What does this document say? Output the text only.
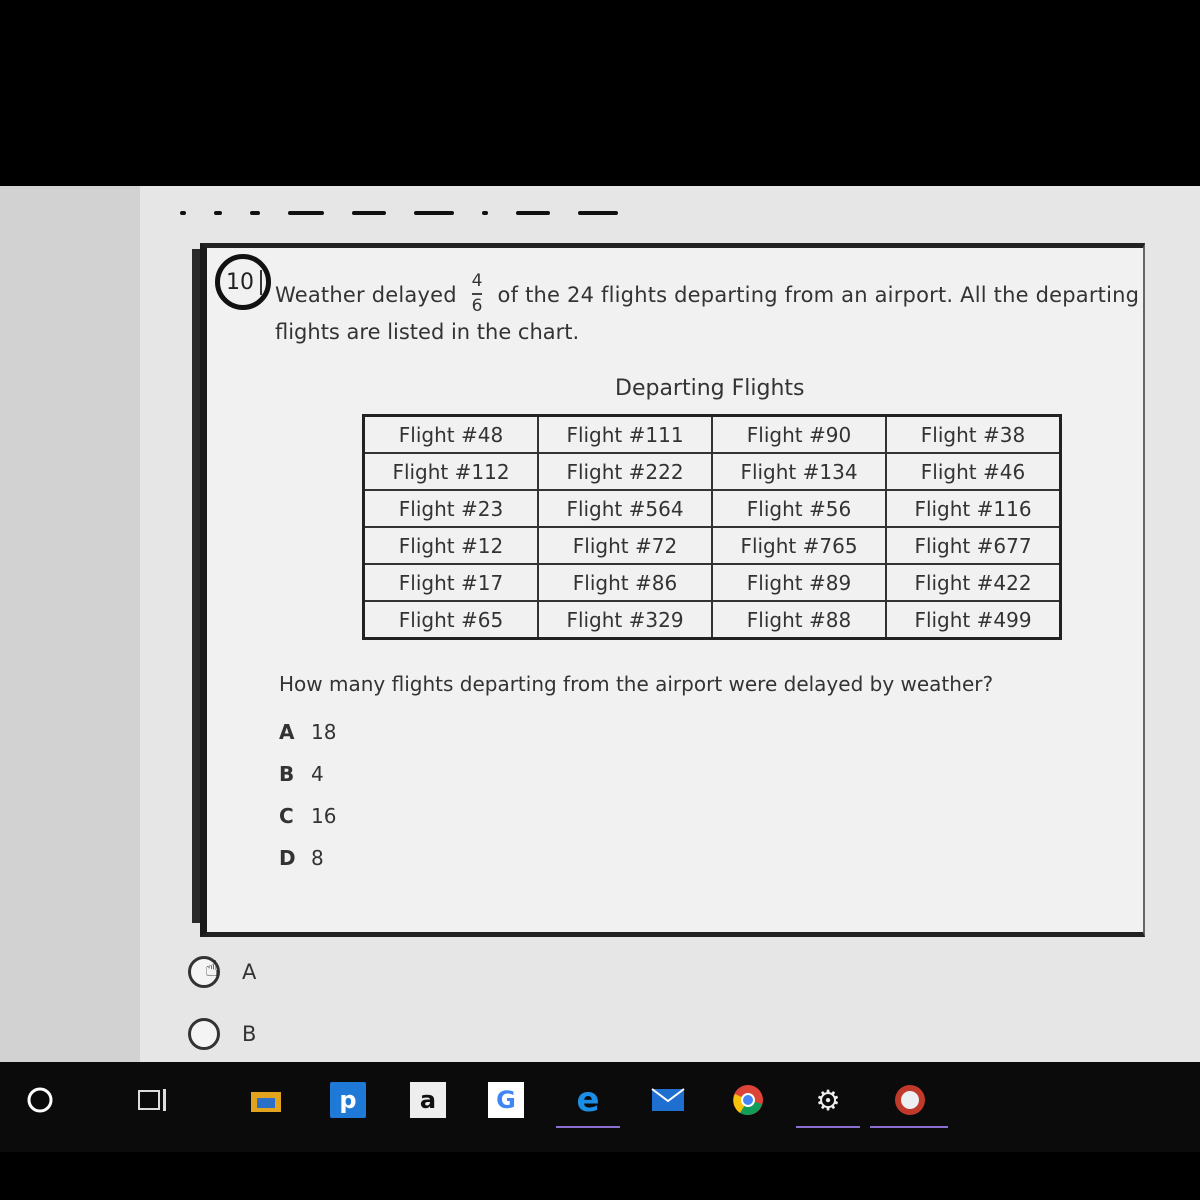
10
Weather delayed $\frac{4}{6}$ of the 24 flights departing from an airport. All the departing
flights are listed in the chart.
Departing Flights
Flight #48	Flight #111	Flight #90	Flight #38
Flight #112	Flight #222	Flight #134	Flight #46
Flight #23	Flight #564	Flight #56	Flight #116
Flight #12	Flight #72	Flight #765	Flight #677
Flight #17	Flight #86	Flight #89	Flight #422
Flight #65	Flight #329	Flight #88	Flight #499
How many flights departing from the airport were delayed by weather?
A 18
B 4
C 16
D 8
☝ A
B
p	a	G e	⚙
